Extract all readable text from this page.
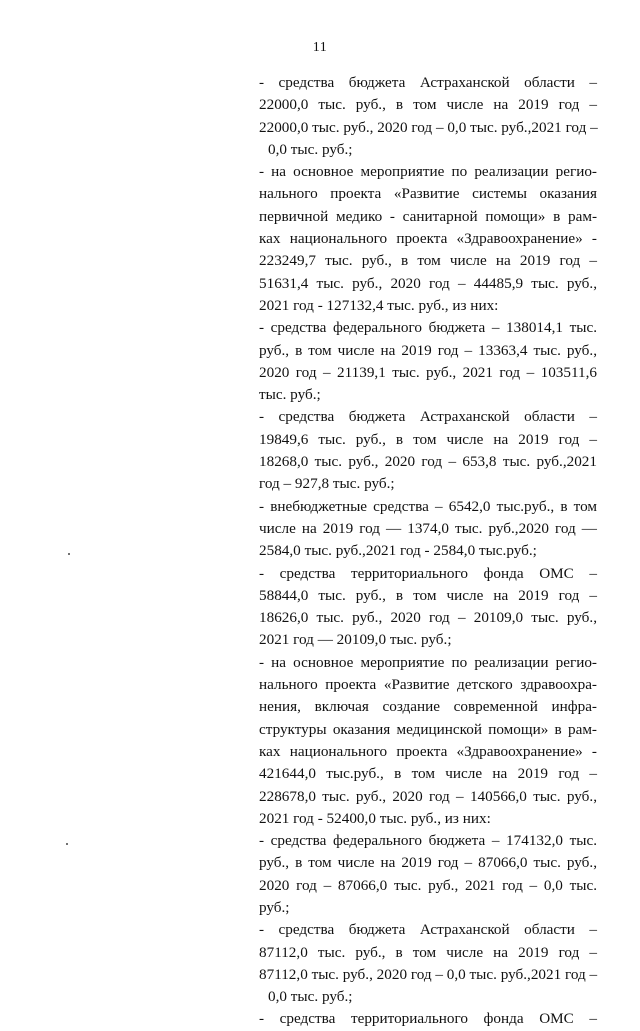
11
- средства бюджета Астраханской области –
22000,0 тыс. руб., в том числе на 2019 год –
22000,0 тыс. руб., 2020 год – 0,0 тыс. руб.,2021 год –
0,0 тыс. руб.;
- на основное мероприятие по реализации регио-
нального проекта «Развитие системы оказания
первичной медико - санитарной помощи» в рам-
ках национального проекта «Здравоохранение» -
223249,7 тыс. руб., в том числе на 2019 год –
51631,4 тыс. руб., 2020 год – 44485,9 тыс. руб.,
2021 год - 127132,4 тыс. руб., из них:
- средства федерального бюджета – 138014,1 тыс.
руб., в том числе на 2019 год – 13363,4 тыс. руб.,
2020 год – 21139,1 тыс. руб., 2021 год – 103511,6
тыс. руб.;
- средства бюджета Астраханской области –
19849,6 тыс. руб., в том числе на 2019 год –
18268,0 тыс. руб., 2020 год – 653,8 тыс. руб.,2021
год – 927,8 тыс. руб.;
- внебюджетные средства – 6542,0 тыс.руб., в том
числе на 2019 год — 1374,0 тыс. руб.,2020 год —
2584,0 тыс. руб.,2021 год - 2584,0 тыс.руб.;
- средства территориального фонда ОМС –
58844,0 тыс. руб., в том числе на 2019 год –
18626,0 тыс. руб., 2020 год – 20109,0 тыс. руб.,
2021 год — 20109,0 тыс. руб.;
- на основное мероприятие по реализации регио-
нального проекта «Развитие детского здравоохра-
нения, включая создание современной инфра-
структуры оказания медицинской помощи» в рам-
ках национального проекта «Здравоохранение» -
421644,0 тыс.руб., в том числе на 2019 год –
228678,0 тыс. руб., 2020 год – 140566,0 тыс. руб.,
2021 год - 52400,0 тыс. руб., из них:
- средства федерального бюджета – 174132,0 тыс.
руб., в том числе на 2019 год – 87066,0 тыс. руб.,
2020 год – 87066,0 тыс. руб., 2021 год – 0,0 тыс.
руб.;
- средства бюджета Астраханской области –
87112,0 тыс. руб., в том числе на 2019 год –
87112,0 тыс. руб., 2020 год – 0,0 тыс. руб.,2021 год –
0,0 тыс. руб.;
- средства территориального фонда ОМС –
